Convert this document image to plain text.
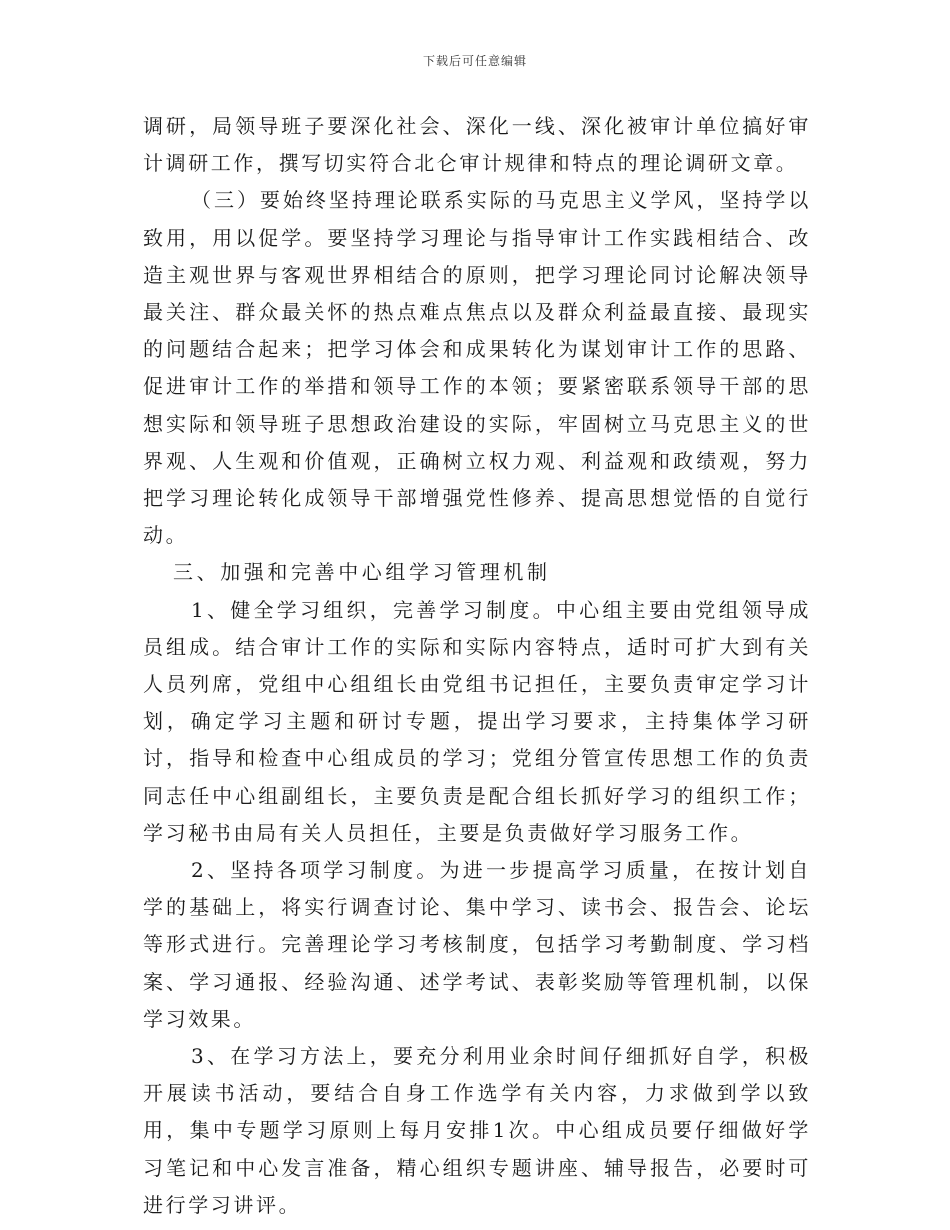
下载后可任意编辑

调研，局领导班子要深化社会、深化一线、深化被审计单位搞好审计调研工作，撰写切实符合北仑审计规律和特点的理论调研文章。

（三）要始终坚持理论联系实际的马克思主义学风，坚持学以致用，用以促学。要坚持学习理论与指导审计工作实践相结合、改造主观世界与客观世界相结合的原则，把学习理论同讨论解决领导最关注、群众最关怀的热点难点焦点以及群众利益最直接、最现实的问题结合起来；把学习体会和成果转化为谋划审计工作的思路、促进审计工作的举措和领导工作的本领；要紧密联系领导干部的思想实际和领导班子思想政治建设的实际，牢固树立马克思主义的世界观、人生观和价值观，正确树立权力观、利益观和政绩观，努力把学习理论转化成领导干部增强党性修养、提高思想觉悟的自觉行动。

三、加强和完善中心组学习管理机制

1、健全学习组织，完善学习制度。中心组主要由党组领导成员组成。结合审计工作的实际和实际内容特点，适时可扩大到有关人员列席，党组中心组组长由党组书记担任，主要负责审定学习计划，确定学习主题和研讨专题，提出学习要求，主持集体学习研讨，指导和检查中心组成员的学习；党组分管宣传思想工作的负责同志任中心组副组长，主要负责是配合组长抓好学习的组织工作；学习秘书由局有关人员担任，主要是负责做好学习服务工作。

2、坚持各项学习制度。为进一步提高学习质量，在按计划自学的基础上，将实行调查讨论、集中学习、读书会、报告会、论坛等形式进行。完善理论学习考核制度，包括学习考勤制度、学习档案、学习通报、经验沟通、述学考试、表彰奖励等管理机制，以保学习效果。

3、在学习方法上，要充分利用业余时间仔细抓好自学，积极开展读书活动，要结合自身工作选学有关内容，力求做到学以致用，集中专题学习原则上每月安排1次。中心组成员要仔细做好学习笔记和中心发言准备，精心组织专题讲座、辅导报告，必要时可进行学习讲评。
